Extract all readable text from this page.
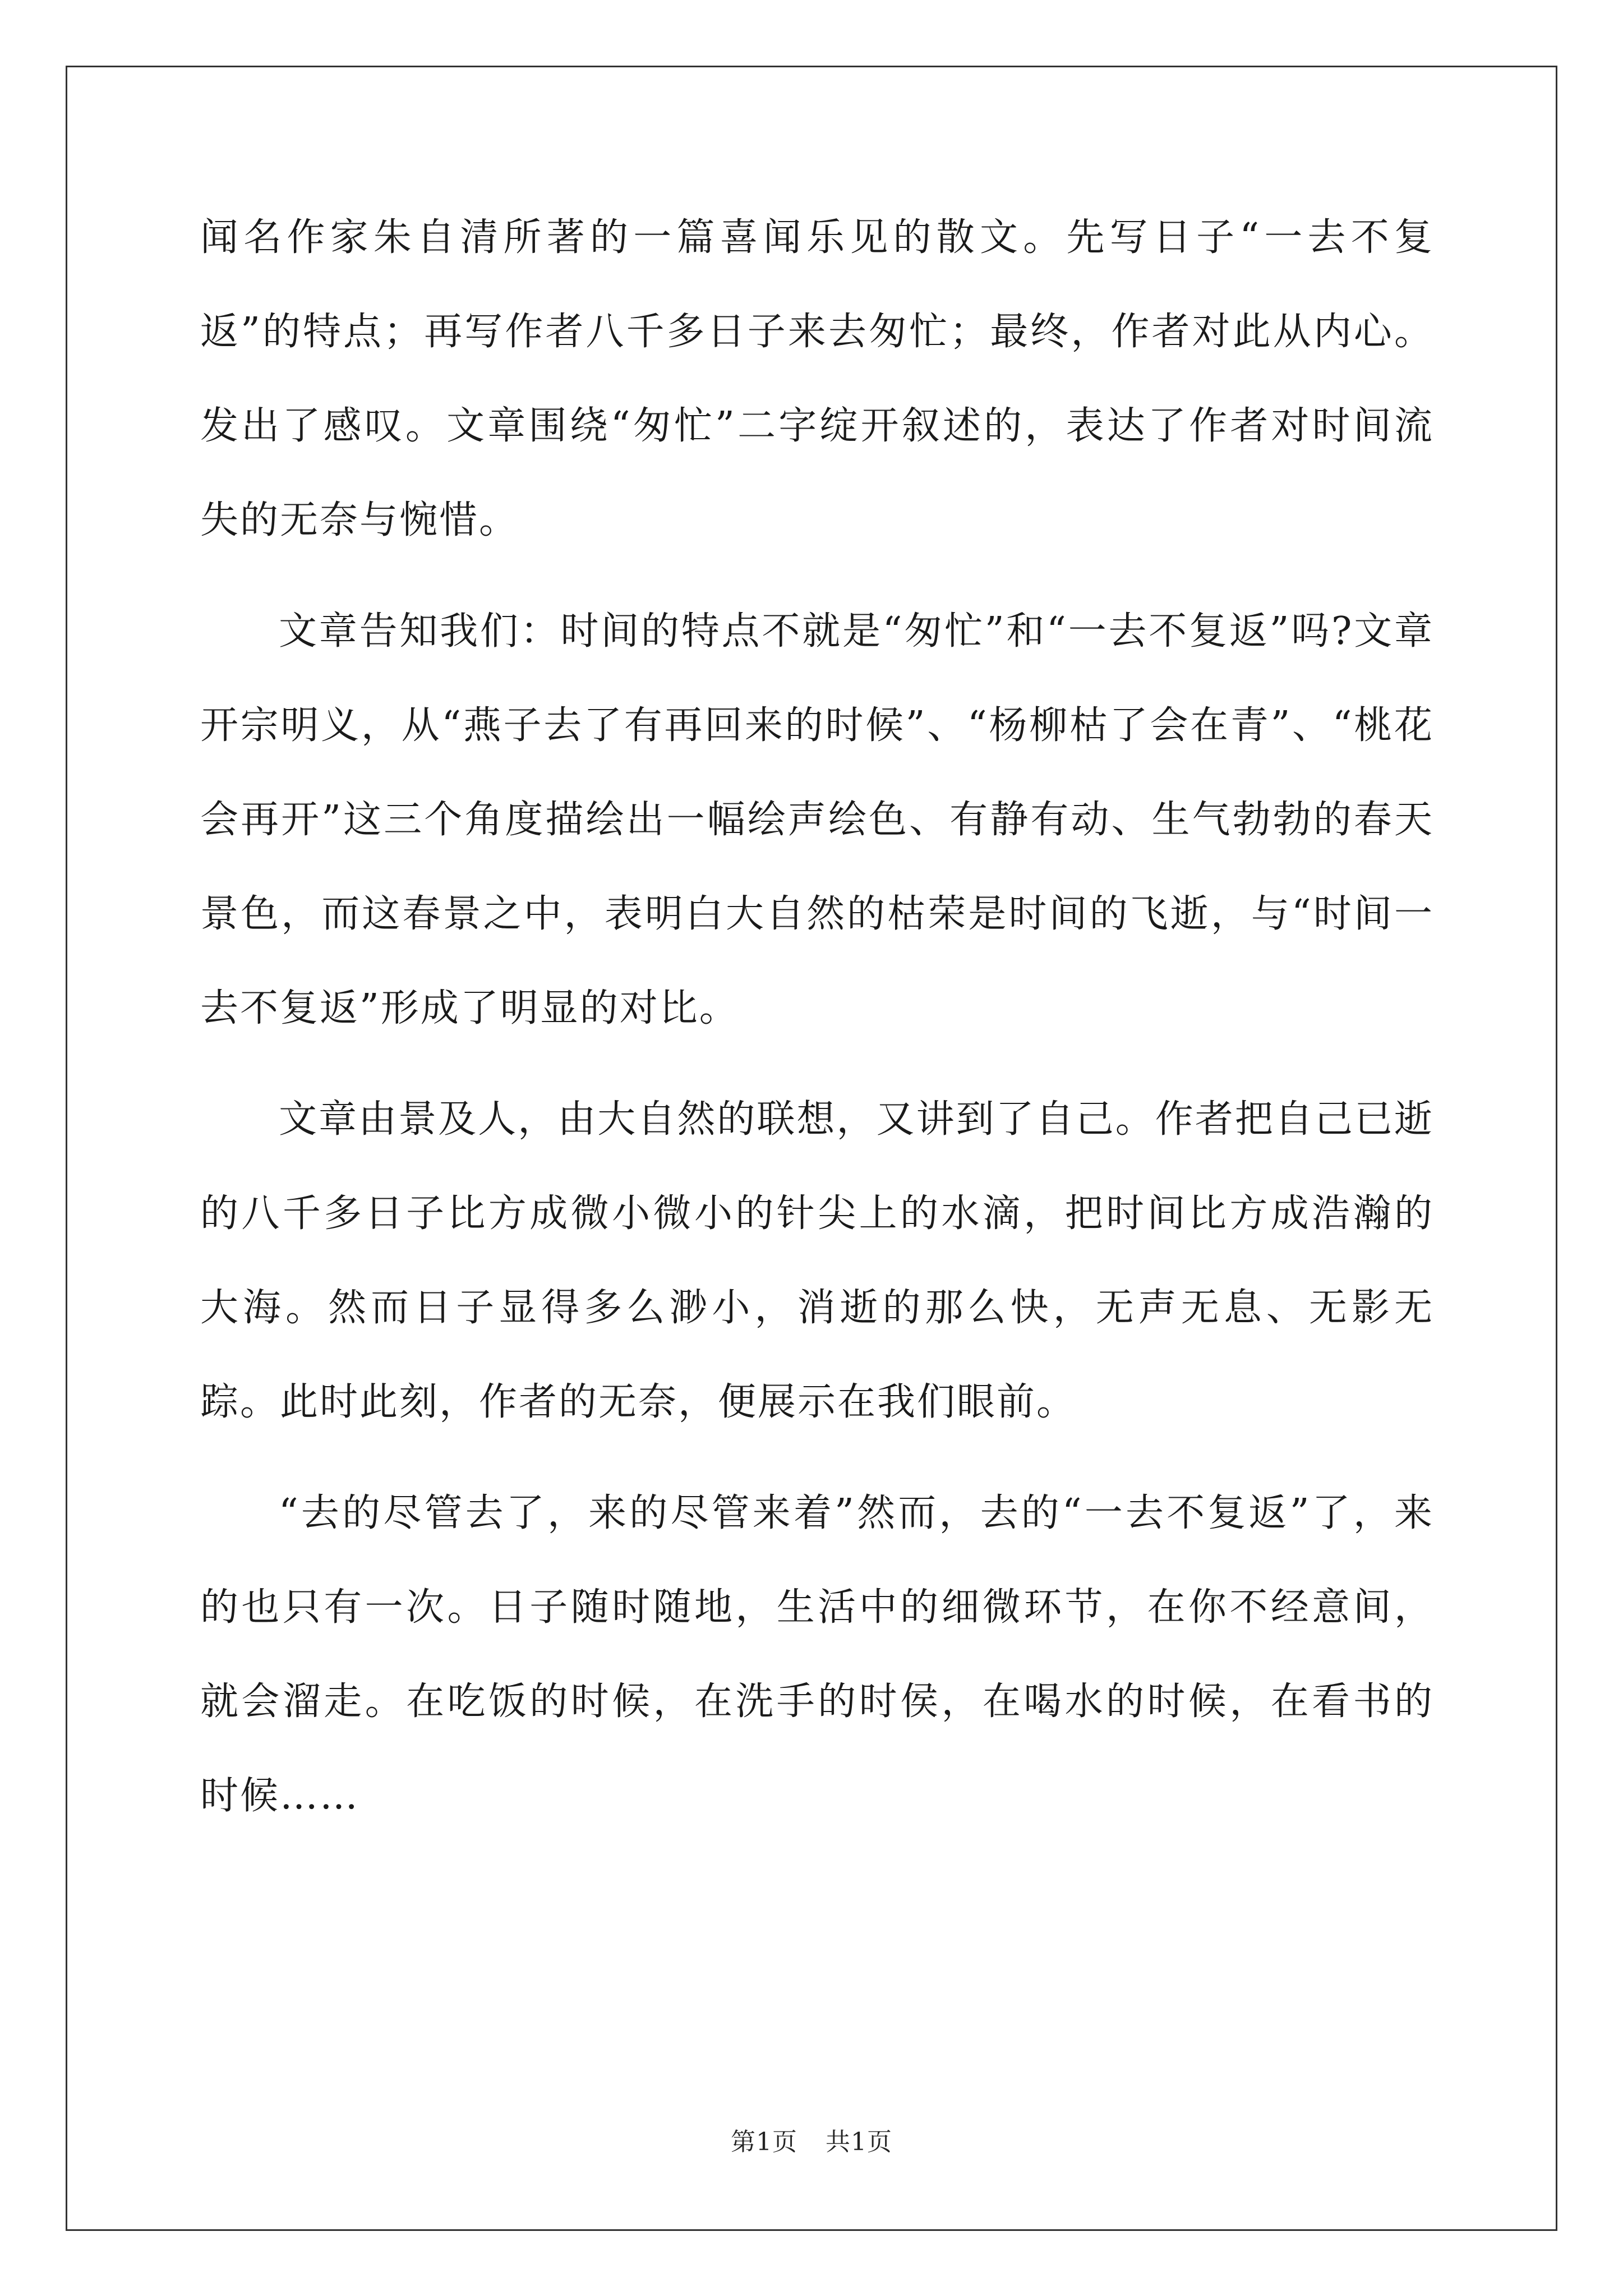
闻名作家朱自清所著的一篇喜闻乐见的散文。先写日子“一去不复返”的特点；再写作者八千多日子来去匆忙；最终，作者对此从内心。发出了感叹。文章围绕“匆忙”二字绽开叙述的，表达了作者对时间流失的无奈与惋惜。

文章告知我们：时间的特点不就是“匆忙”和“一去不复返”吗?文章开宗明义，从“燕子去了有再回来的时候”、“杨柳枯了会在青”、“桃花会再开”这三个角度描绘出一幅绘声绘色、有静有动、生气勃勃的春天景色，而这春景之中，表明白大自然的枯荣是时间的飞逝，与“时间一去不复返”形成了明显的对比。

文章由景及人，由大自然的联想，又讲到了自己。作者把自己已逝的八千多日子比方成微小微小的针尖上的水滴，把时间比方成浩瀚的大海。然而日子显得多么渺小，消逝的那么快，无声无息、无影无踪。此时此刻，作者的无奈，便展示在我们眼前。

“去的尽管去了，来的尽管来着”然而，去的“一去不复返”了，来的也只有一次。日子随时随地，生活中的细微环节，在你不经意间，就会溜走。在吃饭的时候，在洗手的时侯，在喝水的时候，在看书的时候……

第1页 共1页
